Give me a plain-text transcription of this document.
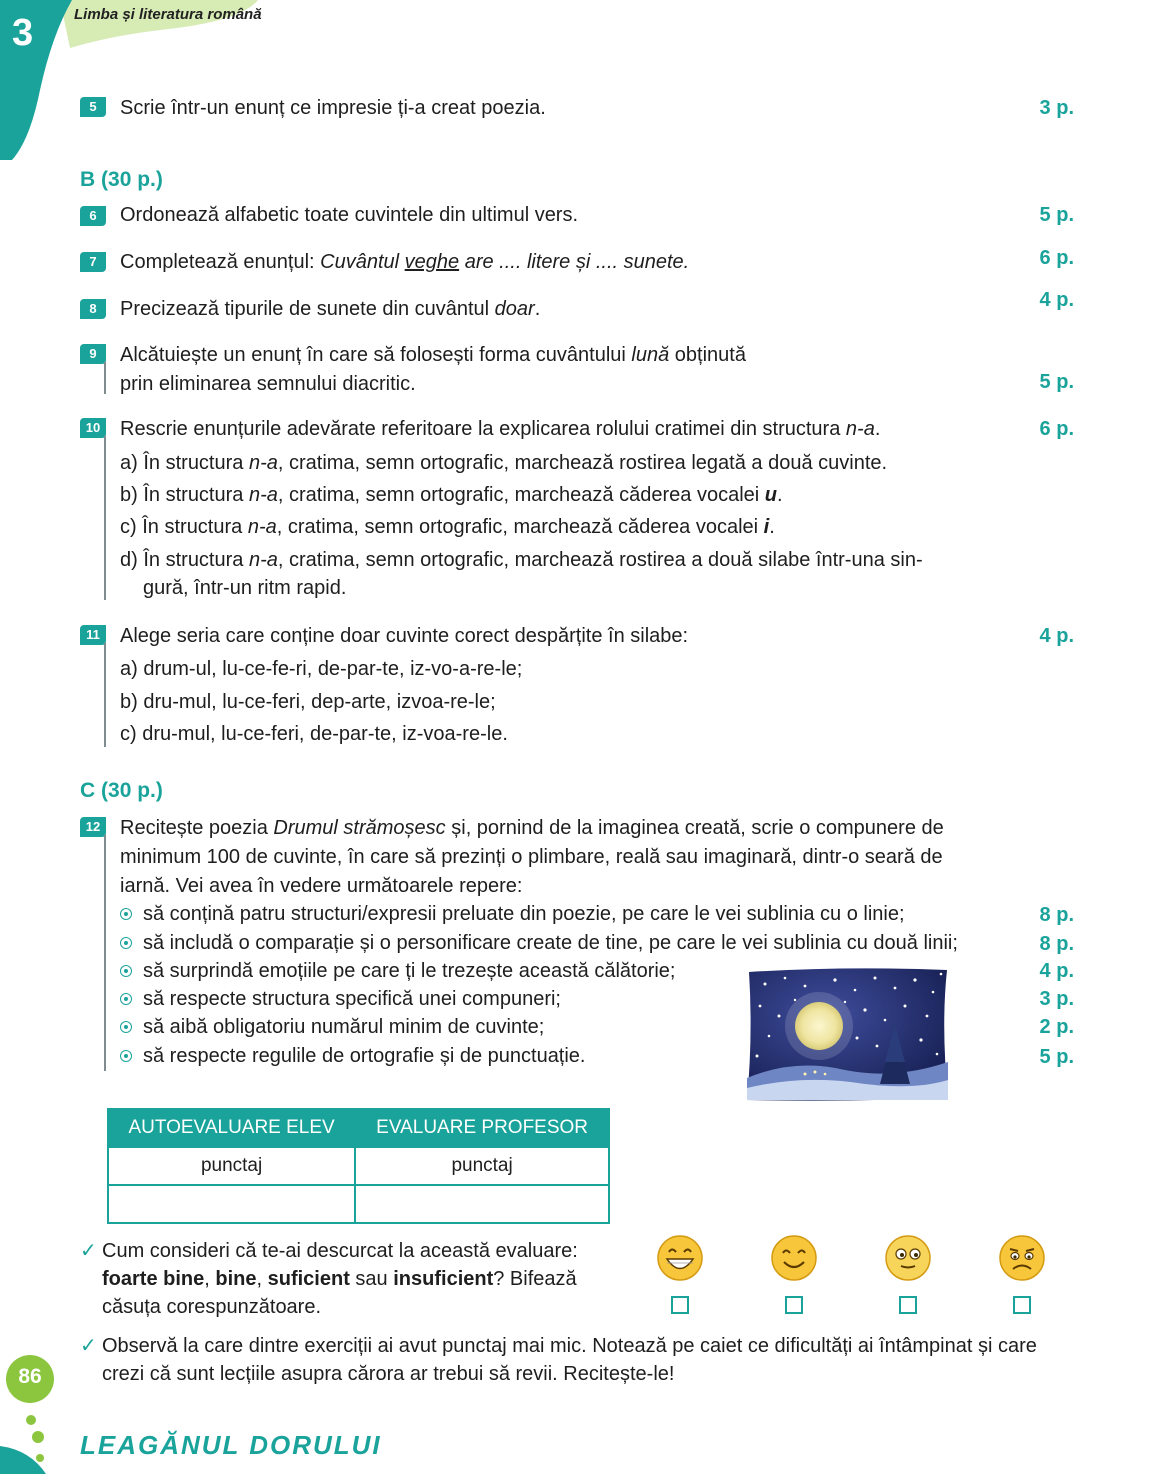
3	Limba și literatura română
5	Scrie într-un enunț ce impresie ți-a creat poezia.	3 p.
B (30 p.)
6	Ordonează alfabetic toate cuvintele din ultimul vers.	5 p.
7	Completează enunțul: Cuvântul veghe are .... litere și .... sunete.	6 p.
8	Precizează tipurile de sunete din cuvântul doar.	4 p.
9	Alcătuiește un enunț în care să folosești forma cuvântului lună obținută
prin eliminarea semnului diacritic.	5 p.
10 Rescrie enunțurile adevărate referitoare la explicarea rolului cratimei din structura n-a.	6 p.
a) În structura n-a, cratima, semn ortografic, marchează rostirea legată a două cuvinte.
b) În structura n-a, cratima, semn ortografic, marchează căderea vocalei u.
c) În structura n-a, cratima, semn ortografic, marchează căderea vocalei i.
d) În structura n-a, cratima, semn ortografic, marchează rostirea a două silabe într-una sin-
gură, într-un ritm rapid.
11	Alege seria care conține doar cuvinte corect despărțite în silabe:	4 p.
a) drum-ul, lu-ce-fe-ri, de-par-te, iz-vo-a-re-le;
b) dru-mul, lu-ce-feri, dep-arte, izvoa-re-le;
c) dru-mul, lu-ce-feri, de-par-te, iz-voa-re-le.
C (30 p.)
12 Recitește poezia Drumul strămoșesc și, pornind de la imaginea creată, scrie o compunere de
minimum 100 de cuvinte, în care să prezinți o plimbare, reală sau imaginară, dintr-o seară de
iarnă. Vei avea în vedere următoarele repere:
să conțină patru structuri/expresii preluate din poezie, pe care le vei sublinia cu o linie;	8 p.
să includă o comparație și o personificare create de tine, pe care le vei sublinia cu două linii;	8 p.
să surprindă emoțiile pe care ți le trezește această călătorie;	4 p.
să respecte structura specifică unei compuneri;	3 p.
să aibă obligatoriu numărul minim de cuvinte;	2 p.
să respecte regulile de ortografie și de punctuație.	5 p.
AUTOEVALUARE ELEV	EVALUARE PROFESOR
punctaj	punctaj

✓ Cum consideri că te-ai descurcat la această evaluare:
foarte bine, bine, suficient sau insuficient? Bifează
căsuța corespunzătoare.
✓ Observă la care dintre exerciții ai avut punctaj mai mic. Notează pe caiet ce dificultăți ai întâmpinat și care
crezi că sunt lecțiile asupra cărora ar trebui să revii. Recitește-le!
86
LEAGĂNUL DORULUI
